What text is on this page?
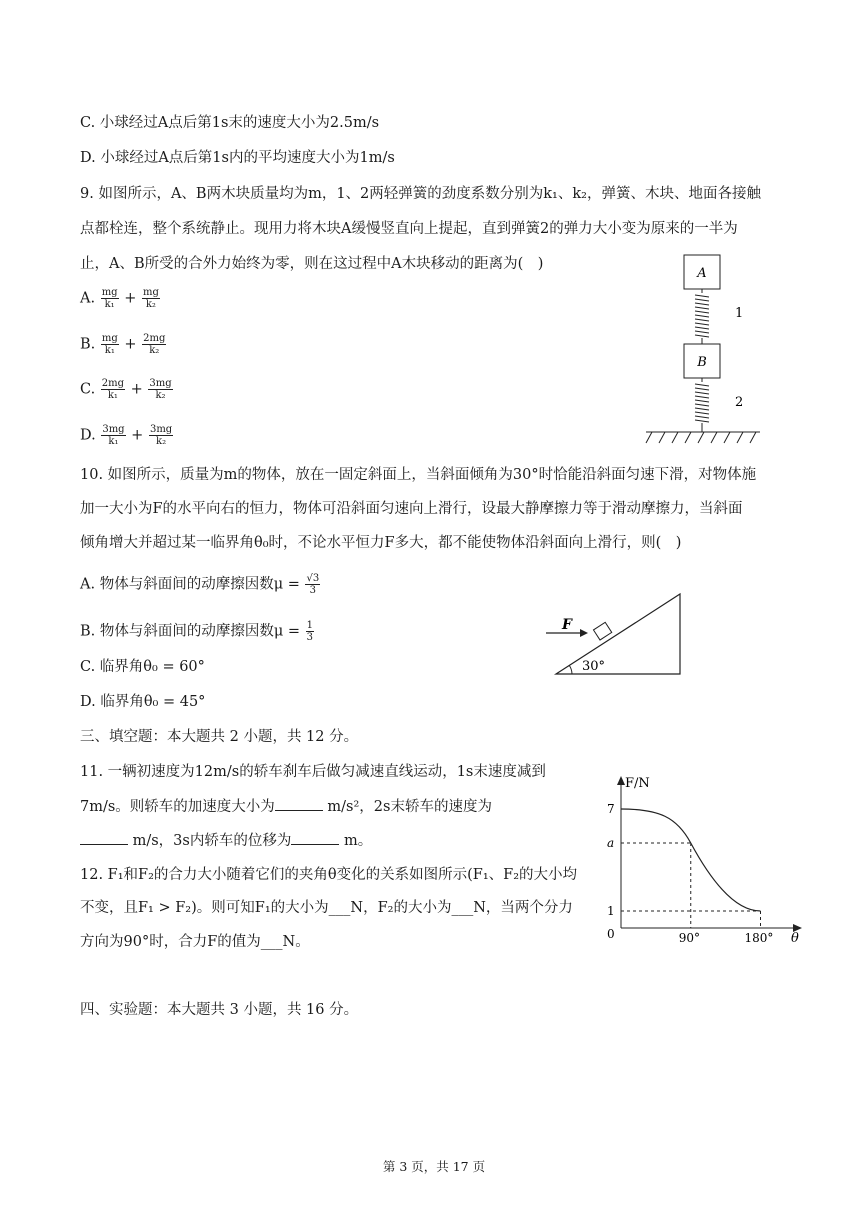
C. 小球经过A点后第1s末的速度大小为2.5m/s
D. 小球经过A点后第1s内的平均速度大小为1m/s
9. 如图所示，A、B两木块质量均为m，1、2两轻弹簧的劲度系数分别为k₁、k₂，弹簧、木块、地面各接触
点都栓连，整个系统静止。现用力将木块A缓慢竖直向上提起，直到弹簧2的弹力大小变为原来的一半为
止，A、B所受的合外力始终为零，则在这过程中A木块移动的距离为(　)
A. $\frac{mg}{\text{k₁}} + \frac{mg}{\text{k₂}}$
B. $\frac{mg}{\text{k₁}} + \frac{2mg}{\text{k₂}}$
C. $\frac{2mg}{\text{k₁}} + \frac{3mg}{\text{k₂}}$
D. $\frac{3mg}{\text{k₁}} + \frac{3mg}{\text{k₂}}$
A
1
B
2
10. 如图所示，质量为m的物体，放在一固定斜面上，当斜面倾角为30°时恰能沿斜面匀速下滑，对物体施
加一大小为F的水平向右的恒力，物体可沿斜面匀速向上滑行，设最大静摩擦力等于滑动摩擦力，当斜面
倾角增大并超过某一临界角θ₀时，不论水平恒力F多大，都不能使物体沿斜面向上滑行，则(　)
A. 物体与斜面间的动摩擦因数$\mu = \frac{√3}{3}$
B. 物体与斜面间的动摩擦因数$\mu = \frac{1}{3}$
C. 临界角θ₀ = 60°
D. 临界角θ₀ = 45°
F
30°
三、填空题：本大题共 2 小题，共 12 分。
11. 一辆初速度为12m/s的轿车刹车后做匀减速直线运动，1s末速度减到
7m/s。则轿车的加速度大小为	m/s²，2s末轿车的速度为
m/s，3s内轿车的位移为	m。
12. F₁和F₂的合力大小随着它们的夹角θ变化的关系如图所示(F₁、F₂的大小均
不变，且F₁ > F₂)。则可知F₁的大小为___N，F₂的大小为___N，当两个分力
方向为90°时，合力F的值为___N。
F/N
θ
0
7
a
1
90°	180°
四、实验题：本大题共 3 小题，共 16 分。
第 3 页，共 17 页
